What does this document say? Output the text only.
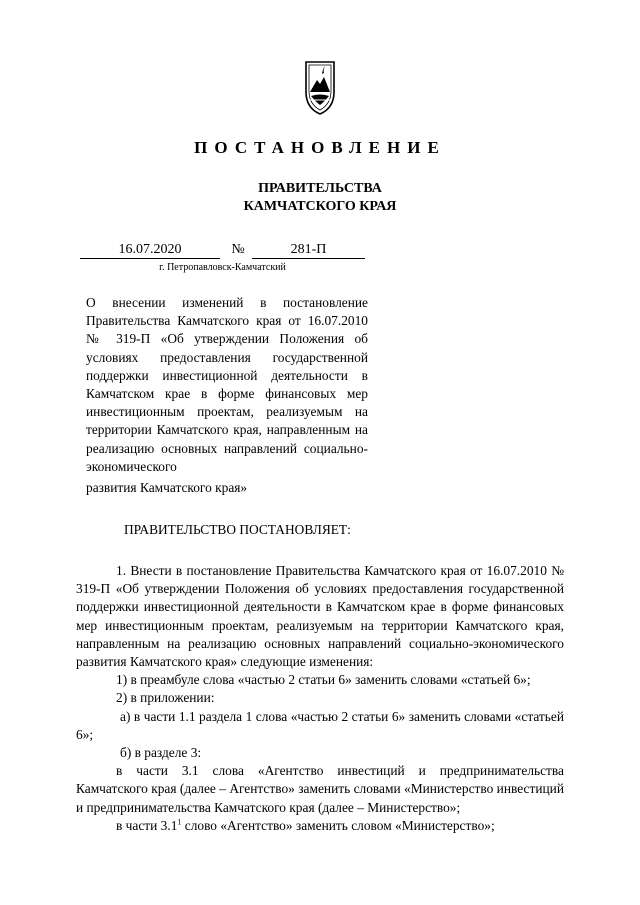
ПОСТАНОВЛЕНИЕ
ПРАВИТЕЛЬСТВА
КАМЧАТСКОГО КРАЯ
16.07.2020	№	281-П
г. Петропавловск-Камчатский
О внесении изменений в постановление Правительства Камчатского края от 16.07.2010 № 319-П «Об утверждении Положения об условиях предоставления государственной поддержки инвестиционной деятельности в Камчатском крае в форме финансовых мер инвестиционным проектам, реализуемым на территории Камчатского края, направленным на реализацию основных направлений социально-экономического
развития Камчатского края»
ПРАВИТЕЛЬСТВО ПОСТАНОВЛЯЕТ:

1. Внести в постановление Правительства Камчатского края от 16.07.2010 № 319-П «Об утверждении Положения об условиях предоставления государственной поддержки инвестиционной деятельности в Камчатском крае в форме финансовых мер инвестиционным проектам, реализуемым на территории Камчатского края, направленным на реализацию основных направлений социально-экономического развития Камчатского края» следующие изменения:

1) в преамбуле слова «частью 2 статьи 6» заменить словами «статьей 6»;

2) в приложении:

а) в части 1.1 раздела 1 слова «частью 2 статьи 6» заменить словами «статьей 6»;

б) в разделе 3:

в части 3.1 слова «Агентство инвестиций и предпринимательства Камчатского края (далее – Агентство» заменить словами «Министерство инвестиций и предпринимательства Камчатского края (далее – Министерство»;

в части $3.1^1$ слово «Агентство» заменить словом «Министерство»;
